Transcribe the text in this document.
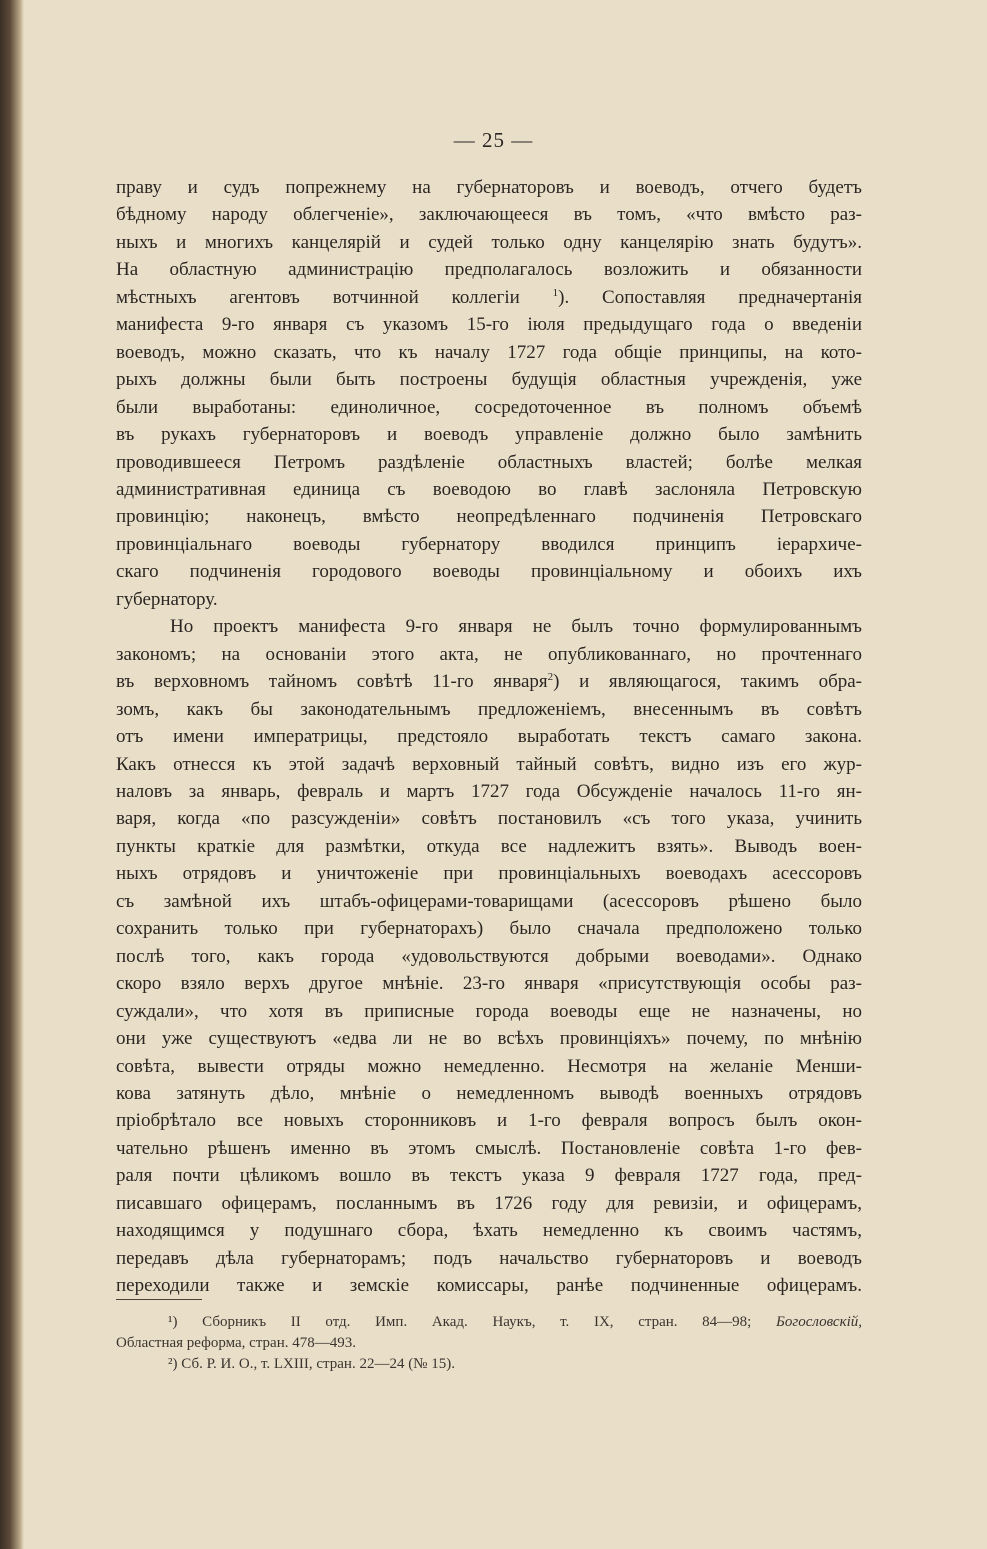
— 25 —
праву и судъ попрежнему на губернаторовъ и воеводъ, отчего будетъ
бѣдному народу облегченіе», заключающееся въ томъ, «что вмѣсто раз-
ныхъ и многихъ канцелярій и судей только одну канцелярію знать будутъ».
На областную администрацію предполагалось возложить и обязанности
мѣстныхъ агентовъ вотчинной коллегіи	$^1$). Сопоставляя предначертанія
манифеста 9-го января съ указомъ 15-го іюля предыдущаго года о введеніи
воеводъ, можно сказать, что къ началу 1727 года общіе принципы, на кото-
рыхъ должны были быть построены будущія областныя учрежденія, уже
были выработаны: единоличное, сосредоточенное въ полномъ объемѣ
въ рукахъ губернаторовъ и воеводъ управленіе должно было замѣнить
проводившееся Петромъ раздѣленіе областныхъ властей; болѣе мелкая
административная единица съ воеводою во главѣ заслоняла Петровскую
провинцію; наконецъ, вмѣсто неопредѣленнаго подчиненія Петровскаго
провинціальнаго воеводы губернатору вводился принципъ іерархиче-
скаго подчиненія городового воеводы провинціальному и обоихъ ихъ
губернатору.
Но проектъ манифеста 9-го января не былъ точно формулированнымъ
закономъ; на основаніи этого акта, не опубликованнаго, но прочтеннаго
въ верховномъ тайномъ совѣтѣ 11-го января$^2$) и являющагося, такимъ обра-
зомъ, какъ бы законодательнымъ предложеніемъ, внесеннымъ въ совѣтъ
отъ имени императрицы, предстояло выработать текстъ самаго закона.
Какъ отнесся къ этой задачѣ верховный тайный совѣтъ, видно изъ его жур-
наловъ за январь, февраль и мартъ 1727 года Обсужденіе началось 11-го ян-
варя, когда «по разсужденіи» совѣтъ постановилъ «съ того указа, учинить
пункты краткіе для размѣтки, откуда все надлежитъ взять». Выводъ воен-
ныхъ отрядовъ и уничтоженіе при провинціальныхъ воеводахъ асессоровъ
съ замѣной ихъ штабъ-офицерами-товарищами (асессоровъ рѣшено было
сохранить только при губернаторахъ) было сначала предположено только
послѣ того, какъ города «удовольствуются добрыми воеводами». Однако
скоро взяло верхъ другое мнѣніе. 23-го января «присутствующія особы раз-
суждали», что хотя въ приписные города воеводы еще не назначены, но
они уже существуютъ «едва ли не во всѣхъ провинціяхъ» почему, по мнѣнію
совѣта, вывести отряды можно немедленно. Несмотря на желаніе Менши-
кова затянуть дѣло, мнѣніе о немедленномъ выводѣ военныхъ отрядовъ
пріобрѣтало все новыхъ сторонниковъ и 1-го февраля вопросъ былъ окон-
чательно рѣшенъ именно въ этомъ смыслѣ. Постановленіе совѣта 1-го фев-
раля почти цѣликомъ вошло въ текстъ указа 9 февраля 1727 года, пред-
писавшаго офицерамъ, посланнымъ въ 1726 году для ревизіи, и офицерамъ,
находящимся у подушнаго сбора, ѣхать немедленно къ своимъ частямъ,
передавъ дѣла губернаторамъ; подъ начальство губернаторовъ и воеводъ
переходили также и земскіе комиссары, ранѣе подчиненные офицерамъ.
¹) Сборникъ II отд. Имп. Акад. Наукъ, т. IX, стран. 84—98; Богословскій,
Областная реформа, стран. 478—493.
²) Сб. Р. И. О., т. LXIII, стран. 22—24 (№ 15).
